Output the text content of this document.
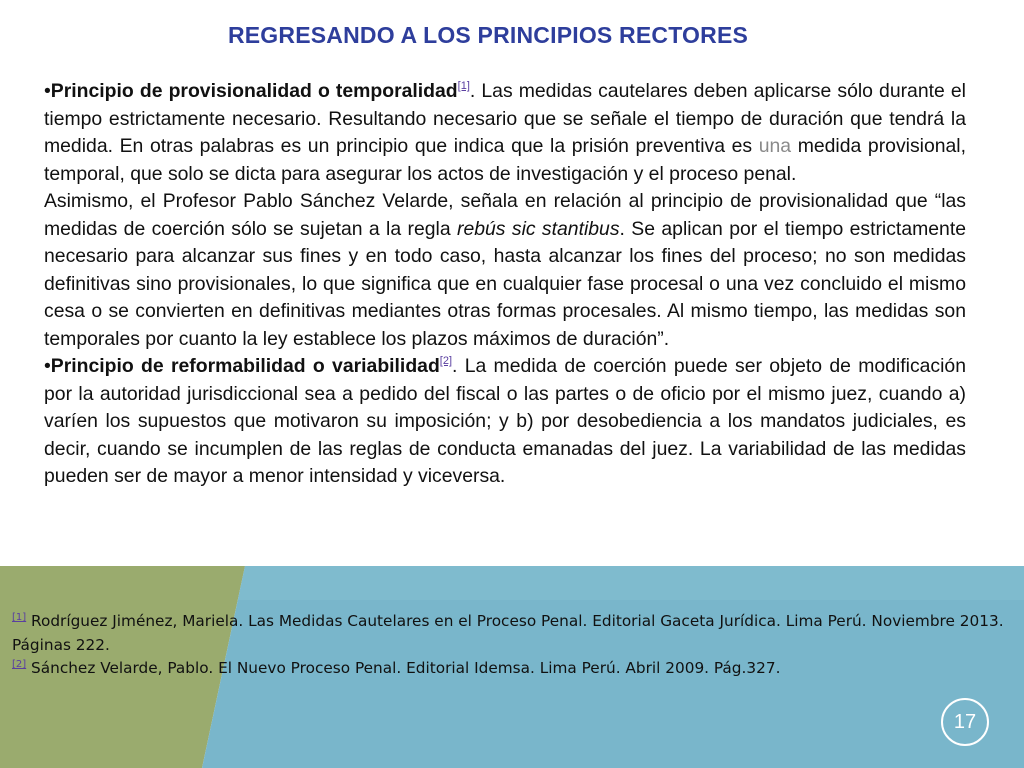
REGRESANDO A LOS PRINCIPIOS RECTORES

•Principio de provisionalidad o temporalidad[1]. Las medidas cautelares deben aplicarse sólo durante el tiempo estrictamente necesario. Resultando necesario que se señale el tiempo de duración que tendrá la medida. En otras palabras es un principio que indica que la prisión preventiva es una medida provisional, temporal, que solo se dicta para asegurar los actos de investigación y el proceso penal.

Asimismo, el Profesor Pablo Sánchez Velarde, señala en relación al principio de provisionalidad que “las medidas de coerción sólo se sujetan a la regla rebús sic stantibus. Se aplican por el tiempo estrictamente necesario para alcanzar sus fines y en todo caso, hasta alcanzar los fines del proceso; no son medidas definitivas sino provisionales, lo que significa que en cualquier fase procesal o una vez concluido el mismo cesa o se convierten en definitivas mediantes otras formas procesales. Al mismo tiempo, las medidas son temporales por cuanto la ley establece los plazos máximos de duración”.

•Principio de reformabilidad o variabilidad[2]. La medida de coerción puede ser objeto de modificación por la autoridad jurisdiccional sea a pedido del fiscal o las partes o de oficio por el mismo juez, cuando a) varíen los supuestos que motivaron su imposición; y b) por desobediencia a los mandatos judiciales, es decir, cuando se incumplen de las reglas de conducta emanadas del juez. La variabilidad de las medidas pueden ser de mayor a menor intensidad y viceversa.

[1] Rodríguez Jiménez, Mariela. Las Medidas Cautelares en el Proceso Penal. Editorial Gaceta Jurídica. Lima Perú. Noviembre 2013. Páginas 222.

[2] Sánchez Velarde, Pablo. El Nuevo Proceso Penal. Editorial Idemsa. Lima Perú. Abril 2009. Pág.327.

17
